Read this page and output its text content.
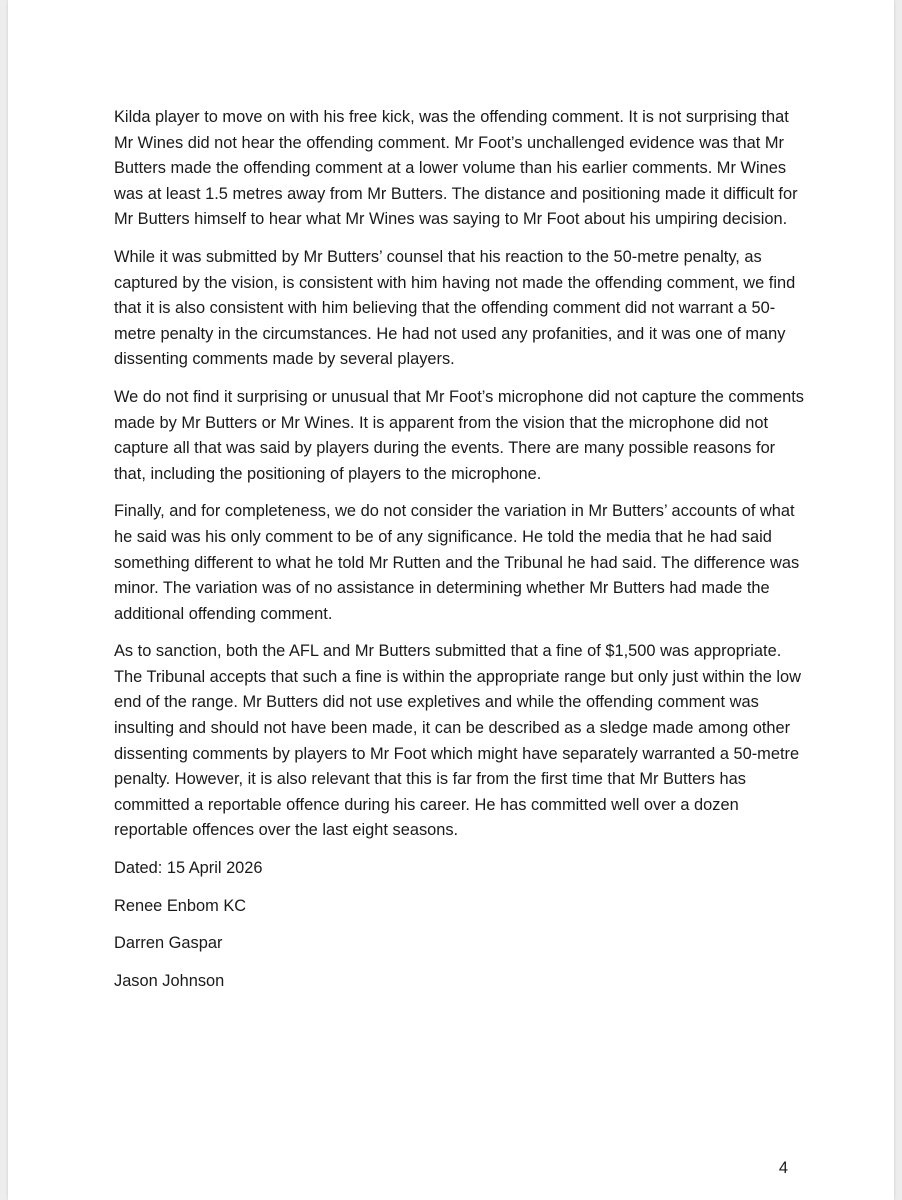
Kilda player to move on with his free kick, was the offending comment. It is not surprising that Mr Wines did not hear the offending comment. Mr Foot’s unchallenged evidence was that Mr Butters made the offending comment at a lower volume than his earlier comments. Mr Wines was at least 1.5 metres away from Mr Butters. The distance and positioning made it difficult for Mr Butters himself to hear what Mr Wines was saying to Mr Foot about his umpiring decision.

While it was submitted by Mr Butters’ counsel that his reaction to the 50-metre penalty, as captured by the vision, is consistent with him having not made the offending comment, we find that it is also consistent with him believing that the offending comment did not warrant a 50-metre penalty in the circumstances. He had not used any profanities, and it was one of many dissenting comments made by several players.

We do not find it surprising or unusual that Mr Foot’s microphone did not capture the comments made by Mr Butters or Mr Wines. It is apparent from the vision that the microphone did not capture all that was said by players during the events. There are many possible reasons for that, including the positioning of players to the microphone.

Finally, and for completeness, we do not consider the variation in Mr Butters’ accounts of what he said was his only comment to be of any significance. He told the media that he had said something different to what he told Mr Rutten and the Tribunal he had said. The difference was minor. The variation was of no assistance in determining whether Mr Butters had made the additional offending comment.

As to sanction, both the AFL and Mr Butters submitted that a fine of $1,500 was appropriate. The Tribunal accepts that such a fine is within the appropriate range but only just within the low end of the range. Mr Butters did not use expletives and while the offending comment was insulting and should not have been made, it can be described as a sledge made among other dissenting comments by players to Mr Foot which might have separately warranted a 50-metre penalty. However, it is also relevant that this is far from the first time that Mr Butters has committed a reportable offence during his career. He has committed well over a dozen reportable offences over the last eight seasons.

Dated: 15 April 2026
Renee Enbom KC
Darren Gaspar
Jason Johnson
4
